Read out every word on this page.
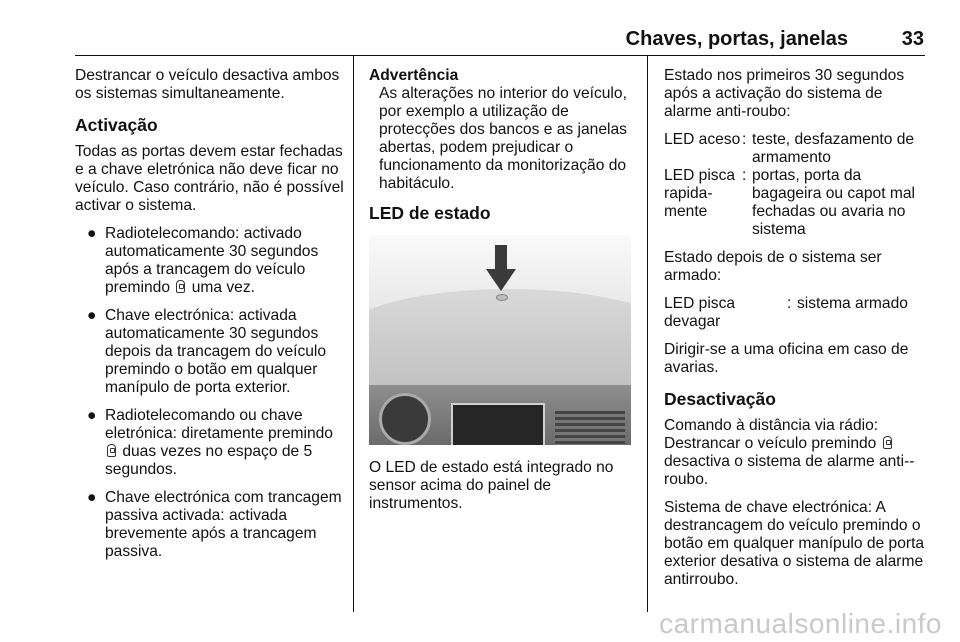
Chaves, portas, janelas	33

Destrancar o veículo desactiva ambos os sistemas simultaneamente.

Activação

Todas as portas devem estar fechadas e a chave eletrónica não deve ficar no veículo. Caso contrário, não é possível activar o sistema.

● Radiotelecomando: activado automaticamente 30 segundos após a trancagem do veículo premindo  uma vez.
● Chave electrónica: activada automaticamente 30 segundos depois da trancagem do veículo premindo o botão em qualquer manípulo de porta exterior.
● Radiotelecomando ou chave eletrónica: diretamente premindo  duas vezes no espaço de 5 segundos.
● Chave electrónica com trancagem passiva activada: activada brevemente após a trancagem passiva.
Advertência

As alterações no interior do veículo, por exemplo a utilização de protecções dos bancos e as janelas abertas, podem prejudicar o funcionamento da monitorização do habitáculo.

LED de estado

O LED de estado está integrado no sensor acima do painel de instrumentos.

Estado nos primeiros 30 segundos após a activação do sistema de alarme anti-roubo:

LED aceso : teste, desfazamento de armamento
LED pisca rapida-mente
: portas, porta da bagageira ou capot mal fechadas ou avaria no sistema

Estado depois de o sistema ser armado:

LED pisca devagar
: sistema armado

Dirigir-se a uma oficina em caso de avarias.

Desactivação

Comando à distância via rádio: Destrancar o veículo premindo  desactiva o sistema de alarme anti--roubo.

Sistema de chave electrónica: A destrancagem do veículo premindo o botão em qualquer manípulo de porta exterior desativa o sistema de alarme antirroubo.

carmanualsonline.info
